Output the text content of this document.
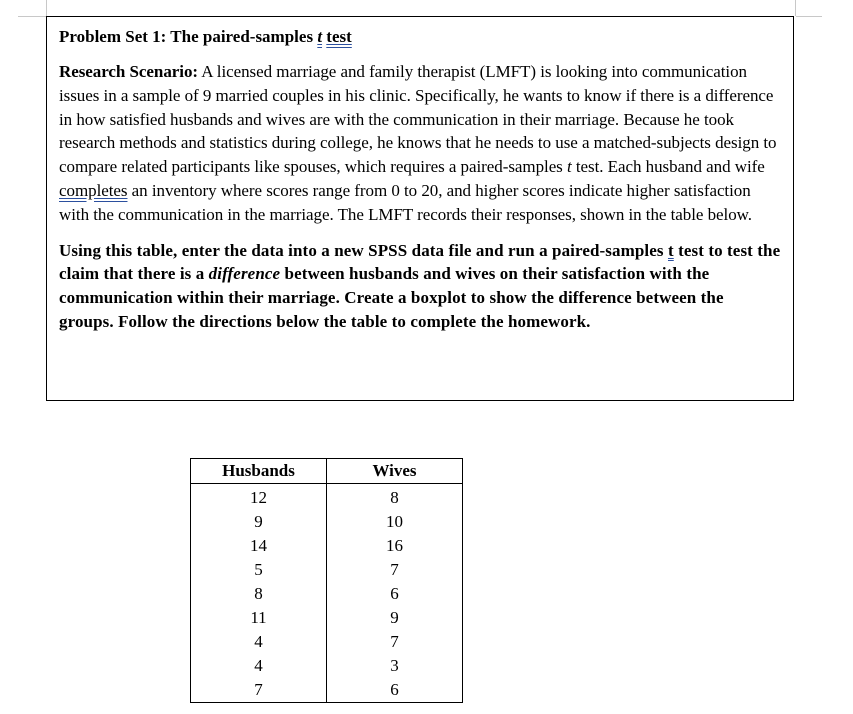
Problem Set 1: The paired-samples t test

Research Scenario: A licensed marriage and family therapist (LMFT) is looking into communication issues in a sample of 9 married couples in his clinic. Specifically, he wants to know if there is a difference in how satisfied husbands and wives are with the communication in their marriage. Because he took research methods and statistics during college, he knows that he needs to use a matched-subjects design to compare related participants like spouses, which requires a paired-samples t test. Each husband and wife completes an inventory where scores range from 0 to 20, and higher scores indicate higher satisfaction with the communication in the marriage. The LMFT records their responses, shown in the table below.

Using this table, enter the data into a new SPSS data file and run a paired-samples t test to test the claim that there is a difference between husbands and wives on their satisfaction with the communication within their marriage. Create a boxplot to show the difference between the groups. Follow the directions below the table to complete the homework.

Husbands	Wives
12	8
9	10
14	16
5	7
8	6
11	9
4	7
4	3
7	6
